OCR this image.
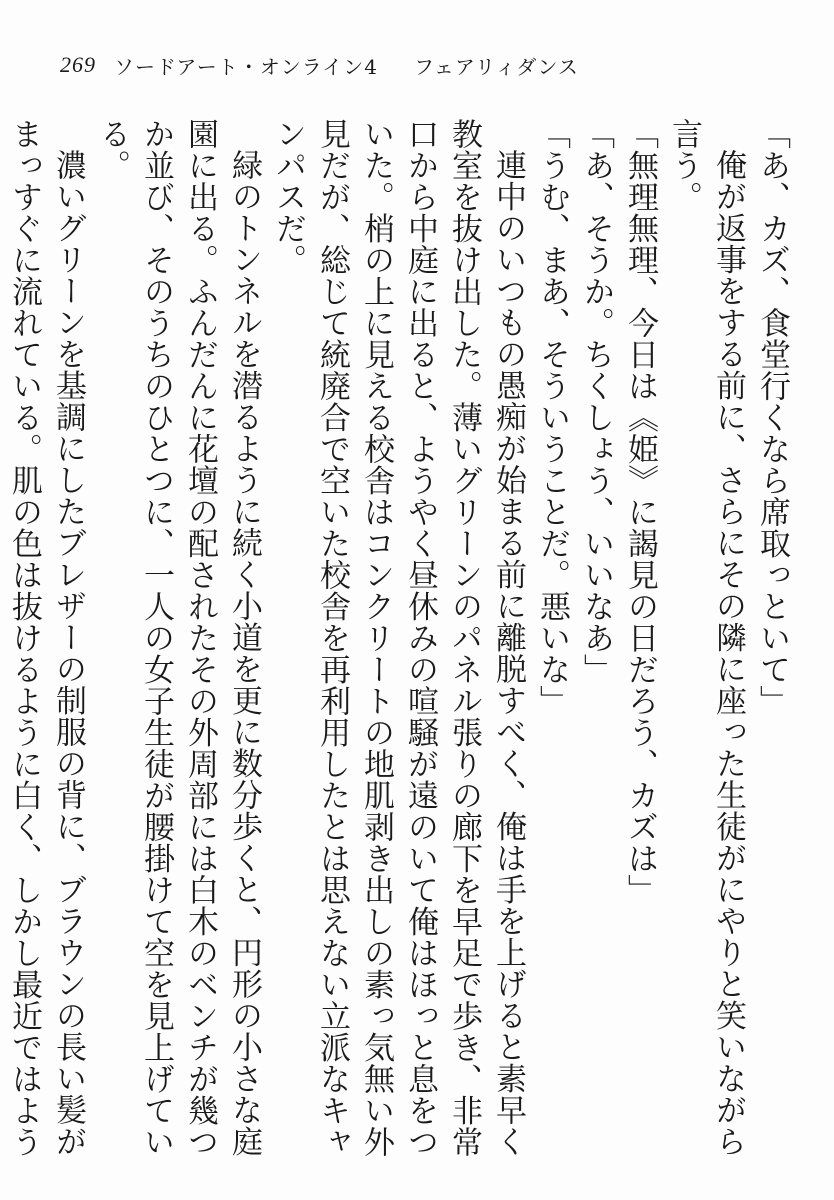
269 ソードアート・オンライン4 フェアリィダンス

「あ、カズ、食堂行くなら席取っといて」

俺が返事をする前に、さらにその隣に座った生徒がにやりと笑いながら言う。

「無理無理、今日は《姫》に謁見の日だろう、カズは」

「あ、そうか。ちくしょう、いいなあ」

「うむ、まあ、そういうことだ。悪いな」

連中のいつもの愚痴が始まる前に離脱すべく、俺は手を上げると素早く教室を抜け出した。薄いグリーンのパネル張りの廊下を早足で歩き、非常口から中庭に出ると、ようやく昼休みの喧騒が遠のいて俺はほっと息をついた。梢の上に見える校舎はコンクリートの地肌剥き出しの素っ気無い外見だが、総じて統廃合で空いた校舎を再利用したとは思えない立派なキャンパスだ。

緑のトンネルを潜るように続く小道を更に数分歩くと、円形の小さな庭園に出る。ふんだんに花壇の配されたその外周部には白木のベンチが幾つか並び、そのうちのひとつに、一人の女子生徒が腰掛けて空を見上げている。

濃いグリーンを基調にしたブレザーの制服の背に、ブラウンの長い髪がまっすぐに流れている。肌の色は抜けるように白く、しかし最近ではよう
